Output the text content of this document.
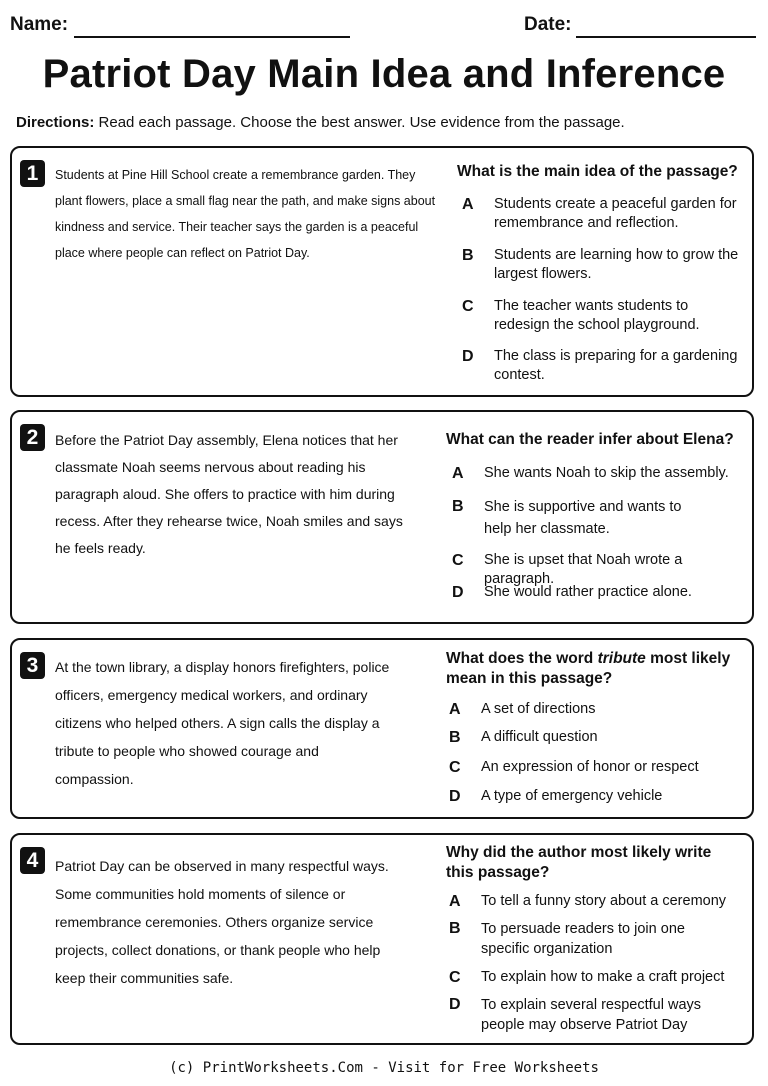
Name:	Date:
Patriot Day Main Idea and Inference
Directions: Read each passage. Choose the best answer. Use evidence from the passage.
1	Students at Pine Hill School create a remembrance garden. They plant flowers, place a small flag near the path, and make signs about kindness and service. Their teacher says the garden is a peaceful place where people can reflect on Patriot Day.

What is the main idea of the passage?

A	Students create a peaceful garden for remembrance and reflection.
B	Students are learning how to grow the largest flowers.
C	The teacher wants students to redesign the school playground.
D	The class is preparing for a gardening contest.
2	Before the Patriot Day assembly, Elena notices that her classmate Noah seems nervous about reading his paragraph aloud. She offers to practice with him during recess. After they rehearse twice, Noah smiles and says he feels ready.

What can the reader infer about Elena?

A	She wants Noah to skip the assembly.
B	She is supportive and wants to help her classmate.
C	She is upset that Noah wrote a paragraph.
D	She would rather practice alone.
3	At the town library, a display honors firefighters, police officers, emergency medical workers, and ordinary citizens who helped others. A sign calls the display a tribute to people who showed courage and compassion.

What does the word tribute most likely mean in this passage?

A	A set of directions
B	A difficult question
C	An expression of honor or respect
D	A type of emergency vehicle
4	Patriot Day can be observed in many respectful ways. Some communities hold moments of silence or remembrance ceremonies. Others organize service projects, collect donations, or thank people who help keep their communities safe.

Why did the author most likely write this passage?

A	To tell a funny story about a ceremony
B	To persuade readers to join one specific organization
C	To explain how to make a craft project
D	To explain several respectful ways people may observe Patriot Day
(c) PrintWorksheets.Com - Visit for Free Worksheets
